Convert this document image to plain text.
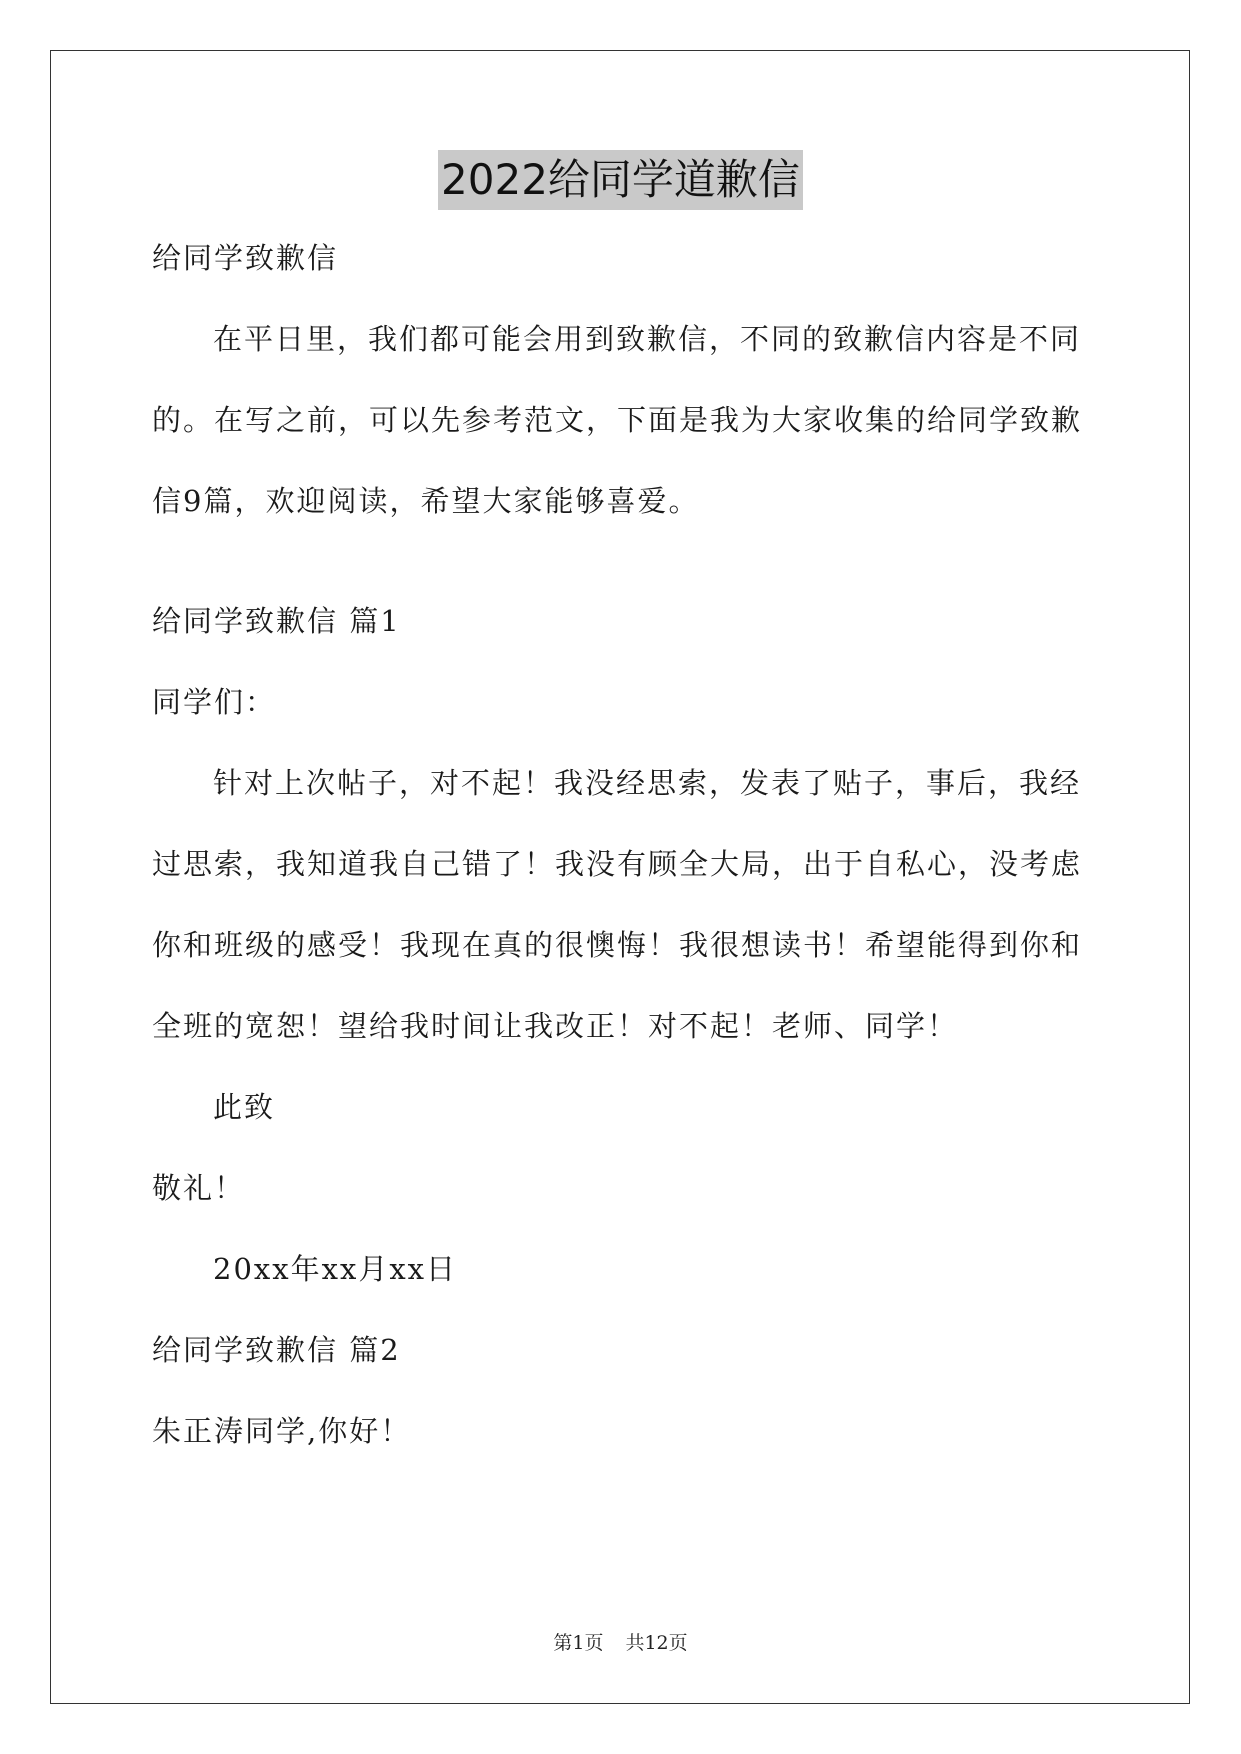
2022给同学道歉信
给同学致歉信
在平日里，我们都可能会用到致歉信，不同的致歉信内容是不同
的。在写之前，可以先参考范文，下面是我为大家收集的给同学致歉
信9篇，欢迎阅读，希望大家能够喜爱。
给同学致歉信 篇1
同学们：
针对上次帖子，对不起！我没经思索，发表了贴子，事后，我经
过思索，我知道我自己错了！我没有顾全大局，出于自私心，没考虑
你和班级的感受！我现在真的很懊悔！我很想读书！希望能得到你和
全班的宽恕！望给我时间让我改正！对不起！老师、同学！
此致
敬礼！
20xx年xx月xx日
给同学致歉信 篇2
朱正涛同学,你好！
第1页 共12页
